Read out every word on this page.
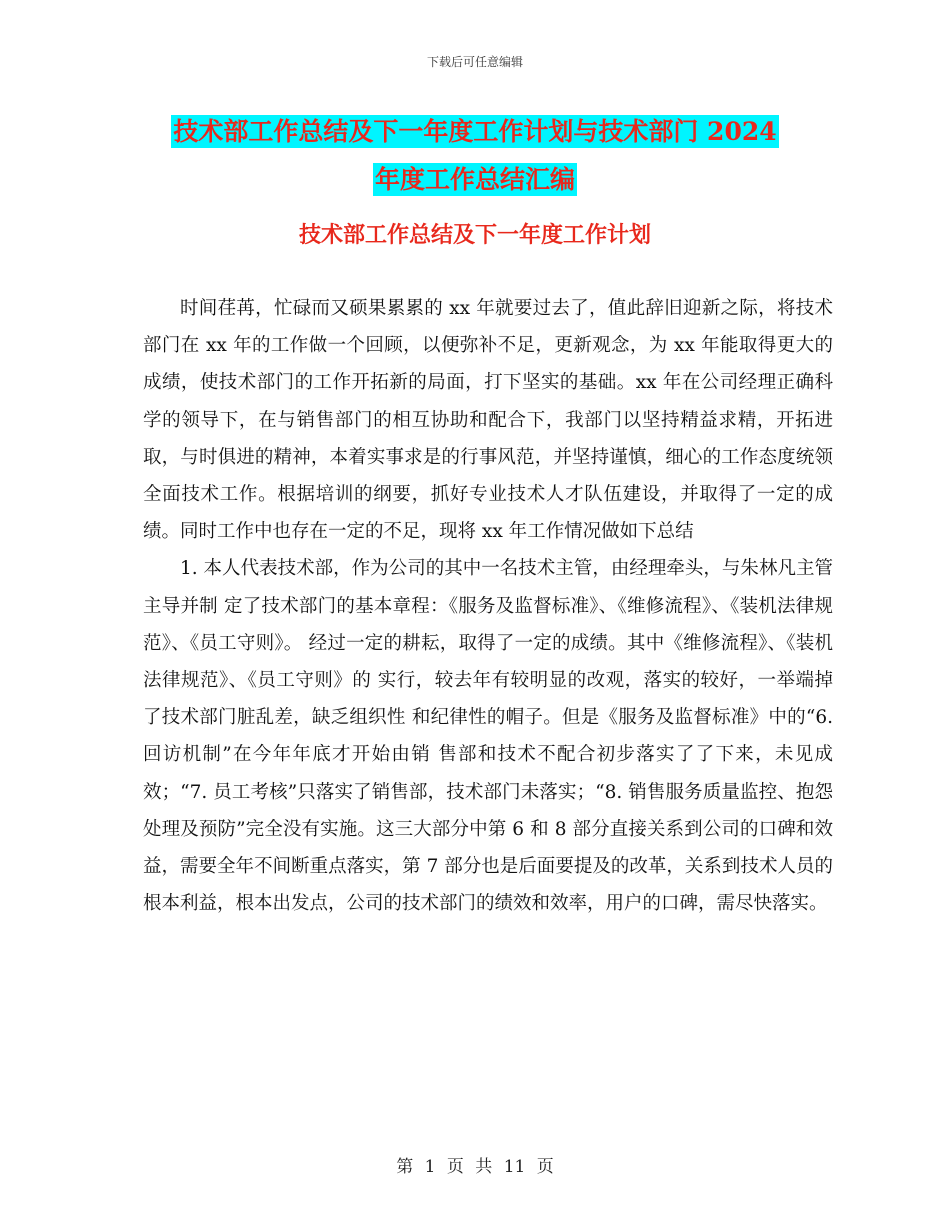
下载后可任意编辑
技术部工作总结及下一年度工作计划与技术部门 2024
年度工作总结汇编
技术部工作总结及下一年度工作计划

时间荏苒，忙碌而又硕果累累的 xx 年就要过去了，值此辞旧迎新之际，将技术部门在 xx 年的工作做一个回顾，以便弥补不足，更新观念，为 xx 年能取得更大的成绩，使技术部门的工作开拓新的局面，打下坚实的基础。xx 年在公司经理正确科学的领导下，在与销售部门的相互协助和配合下，我部门以坚持精益求精，开拓进取，与时俱进的精神，本着实事求是的行事风范，并坚持谨慎，细心的工作态度统领全面技术工作。根据培训的纲要，抓好专业技术人才队伍建设，并取得了一定的成绩。同时工作中也存在一定的不足，现将 xx 年工作情况做如下总结

1. 本人代表技术部，作为公司的其中一名技术主管，由经理牵头，与朱林凡主管主导并制 定了技术部门的基本章程：《服务及监督标准》、《维修流程》、《装机法律规范》、《员工守则》。 经过一定的耕耘，取得了一定的成绩。其中《维修流程》、《装机法律规范》、《员工守则》的 实行，较去年有较明显的改观，落实的较好，一举端掉了技术部门脏乱差，缺乏组织性 和纪律性的帽子。但是《服务及监督标准》中的“6. 回访机制”在今年年底才开始由销 售部和技术不配合初步落实了了下来，未见成效；“7. 员工考核”只落实了销售部，技术部门未落实；“8. 销售服务质量监控、抱怨处理及预防”完全没有实施。这三大部分中第 6 和 8 部分直接关系到公司的口碑和效益，需要全年不间断重点落实，第 7 部分也是后面要提及的改革，关系到技术人员的根本利益，根本出发点，公司的技术部门的绩效和效率，用户的口碑，需尽快落实。

第 1 页 共 11 页
